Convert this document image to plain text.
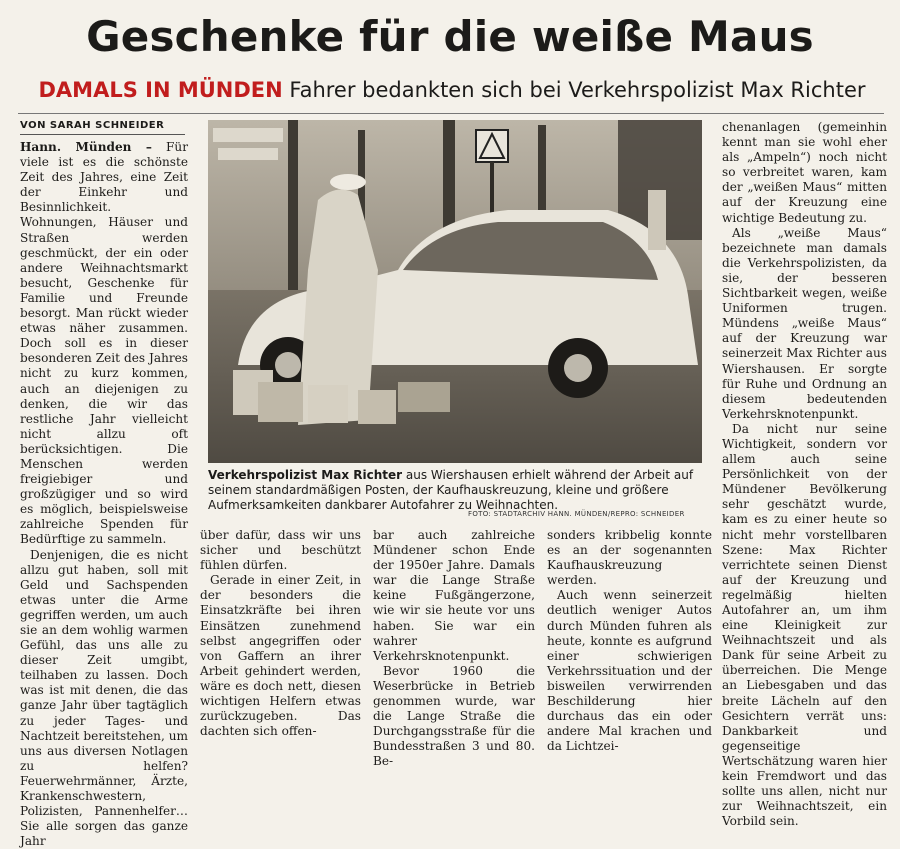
Geschenke für die weiße Maus
DAMALS IN MÜNDEN Fahrer bedankten sich bei Verkehrspolizist Max Richter
VON SARAH SCHNEIDER

Hann. Münden – Für viele ist es die schönste Zeit des Jahres, eine Zeit der Einkehr und Besinnlichkeit. Wohnungen, Häuser und Straßen werden geschmückt, der ein oder andere Weihnachtsmarkt besucht, Geschenke für Familie und Freunde besorgt. Man rückt wieder etwas näher zusammen. Doch soll es in dieser besonderen Zeit des Jahres nicht zu kurz kommen, auch an diejenigen zu denken, die wir das restliche Jahr vielleicht nicht allzu oft berücksichtigen. Die Menschen werden freigiebiger und großzügiger und so wird es möglich, beispielsweise zahlreiche Spenden für Bedürftige zu sammeln.

Denjenigen, die es nicht allzu gut haben, soll mit Geld und Sachspenden etwas unter die Arme gegriffen werden, um auch sie an dem wohlig warmen Gefühl, das uns alle zu dieser Zeit umgibt, teilhaben zu lassen. Doch was ist mit denen, die das ganze Jahr über tagtäglich zu jeder Tages- und Nachtzeit bereitstehen, um uns aus diversen Notlagen zu helfen? Feuerwehrmänner, Ärzte, Krankenschwestern, Polizisten, Pannenhelfer… Sie alle sorgen das ganze Jahr

Verkehrspolizist Max Richter aus Wiershausen erhielt während der Arbeit auf seinem standardmäßigen Posten, der Kaufhauskreuzung, kleine und größere Aufmerksamkeiten dankbarer Autofahrer zu Weihnachten.
FOTO: STADTARCHIV HANN. MÜNDEN/REPRO: SCHNEIDER

über dafür, dass wir uns sicher und beschützt fühlen dürfen.

Gerade in einer Zeit, in der besonders die Einsatzkräfte bei ihren Einsätzen zunehmend selbst angegriffen oder von Gaffern an ihrer Arbeit gehindert werden, wäre es doch nett, diesen wichtigen Helfern etwas zurückzugeben. Das dachten sich offen-

bar auch zahlreiche Mündener schon Ende der 1950er Jahre. Damals war die Lange Straße keine Fußgängerzone, wie wir sie heute vor uns haben. Sie war ein wahrer Verkehrsknotenpunkt.

Bevor 1960 die Weserbrücke in Betrieb genommen wurde, war die Lange Straße die Durchgangsstraße für die Bundesstraßen 3 und 80. Be-

sonders kribbelig konnte es an der sogenannten Kaufhauskreuzung werden.

Auch wenn seinerzeit deutlich weniger Autos durch Münden fuhren als heute, konnte es aufgrund einer schwierigen Verkehrssituation und der bisweilen verwirrenden Beschilderung hier durchaus das ein oder andere Mal krachen und da Lichtzei-

chenanlagen (gemeinhin kennt man sie wohl eher als „Ampeln“) noch nicht so verbreitet waren, kam der „weißen Maus“ mitten auf der Kreuzung eine wichtige Bedeutung zu.

Als „weiße Maus“ bezeichnete man damals die Verkehrspolizisten, da sie, der besseren Sichtbarkeit wegen, weiße Uniformen trugen. Mündens „weiße Maus“ auf der Kreuzung war seinerzeit Max Richter aus Wiershausen. Er sorgte für Ruhe und Ordnung an diesem bedeutenden Verkehrsknotenpunkt.

Da nicht nur seine Wichtigkeit, sondern vor allem auch seine Persönlichkeit von der Mündener Bevölkerung sehr geschätzt wurde, kam es zu einer heute so nicht mehr vorstellbaren Szene: Max Richter verrichtete seinen Dienst auf der Kreuzung und regelmäßig hielten Autofahrer an, um ihm eine Kleinigkeit zur Weihnachtszeit und als Dank für seine Arbeit zu überreichen. Die Menge an Liebesgaben und das breite Lächeln auf den Gesichtern verrät uns: Dankbarkeit und gegenseitige Wertschätzung waren hier kein Fremdwort und das sollte uns allen, nicht nur zur Weihnachtszeit, ein Vorbild sein.
